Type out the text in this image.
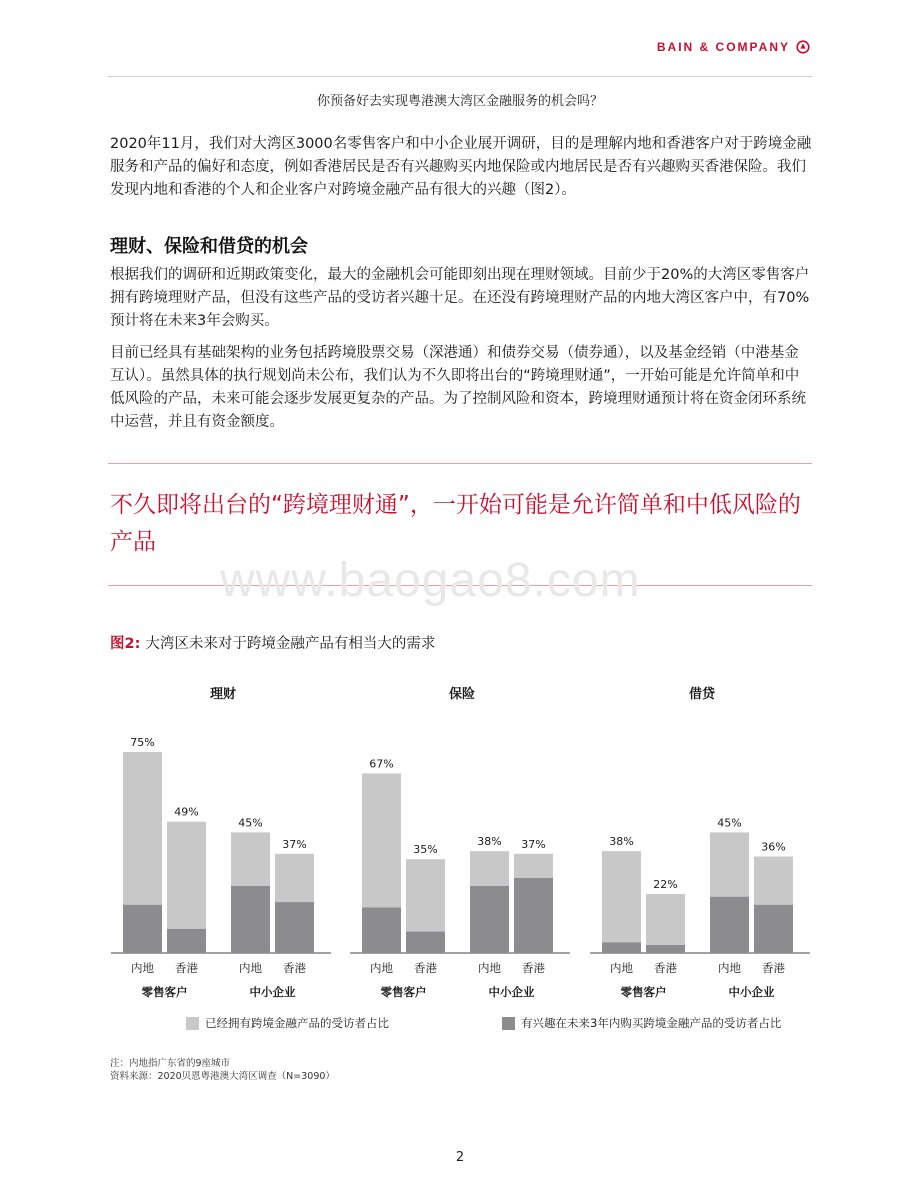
BAIN & COMPANY
你预备好去实现粤港澳大湾区金融服务的机会吗？

2020年11月，我们对大湾区3000名零售客户和中小企业展开调研，目的是理解内地和香港客户对于跨境金融服务和产品的偏好和态度，例如香港居民是否有兴趣购买内地保险或内地居民是否有兴趣购买香港保险。我们发现内地和香港的个人和企业客户对跨境金融产品有很大的兴趣（图2）。

理财、保险和借贷的机会

根据我们的调研和近期政策变化，最大的金融机会可能即刻出现在理财领域。目前少于20%的大湾区零售客户拥有跨境理财产品，但没有这些产品的受访者兴趣十足。在还没有跨境理财产品的内地大湾区客户中，有70%预计将在未来3年会购买。

目前已经具有基础架构的业务包括跨境股票交易（深港通）和债券交易（债券通），以及基金经销（中港基金互认）。虽然具体的执行规划尚未公布，我们认为不久即将出台的“跨境理财通”，一开始可能是允许简单和中低风险的产品，未来可能会逐步发展更复杂的产品。为了控制风险和资本，跨境理财通预计将在资金闭环系统中运营，并且有资金额度。

不久即将出台的“跨境理财通”，一开始可能是允许简单和中低风险的产品
www.baogao8.com
图2: 大湾区未来对于跨境金融产品有相当大的需求
理财
75%
内地
49%
香港
零售客户
45%
内地
37%
香港
中小企业
保险
67%
内地
35%
香港
零售客户
38%
内地
37%
香港
中小企业
借贷
38%
内地
22%
香港
零售客户
45%
内地
36%
香港
中小企业
已经拥有跨境金融产品的受访者占比	有兴趣在未来3年内购买跨境金融产品的受访者占比
注：内地指广东省的9座城市
资料来源：2020贝恩粤港澳大湾区调查（N=3090）
2
